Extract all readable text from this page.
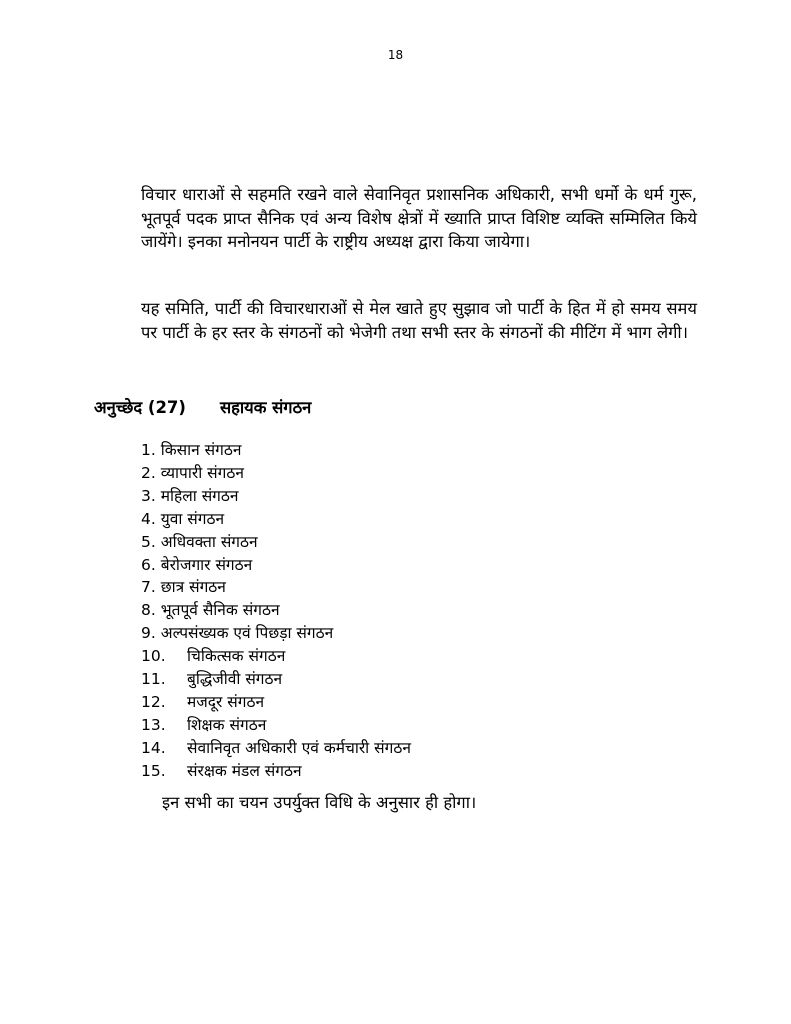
18

विचार धाराओं से सहमति रखने वाले सेवानिवृत प्रशासनिक अधिकारी, सभी धर्मो के धर्म गुरू, भूतपूर्व पदक प्राप्त सैनिक एवं अन्य विशेष क्षेत्रों में ख्याति प्राप्त विशिष्ट व्यक्ति सम्मिलित किये जायेंगे। इनका मनोनयन पार्टी के राष्ट्रीय अध्यक्ष द्वारा किया जायेगा।

यह समिति, पार्टी की विचारधाराओं से मेल खाते हुए सुझाव जो पार्टी के हित में हो समय समय पर पार्टी के हर स्तर के संगठनों को भेजेगी तथा सभी स्तर के संगठनों की मीटिंग में भाग लेगी।

अनुच्छेद (27) सहायक संगठन
1. किसान संगठन
2. व्यापारी संगठन
3. महिला संगठन
4. युवा संगठन
5. अधिवक्ता संगठन
6. बेरोजगार संगठन
7. छात्र संगठन
8. भूतपूर्व सैनिक संगठन
9. अल्पसंख्यक एवं पिछड़ा संगठन
10. चिकित्सक संगठन
11. बुद्धिजीवी संगठन
12. मजदूर संगठन
13. शिक्षक संगठन
14. सेवानिवृत अधिकारी एवं कर्मचारी संगठन
15. संरक्षक मंडल संगठन

इन सभी का चयन उपर्युक्त विधि के अनुसार ही होगा।
